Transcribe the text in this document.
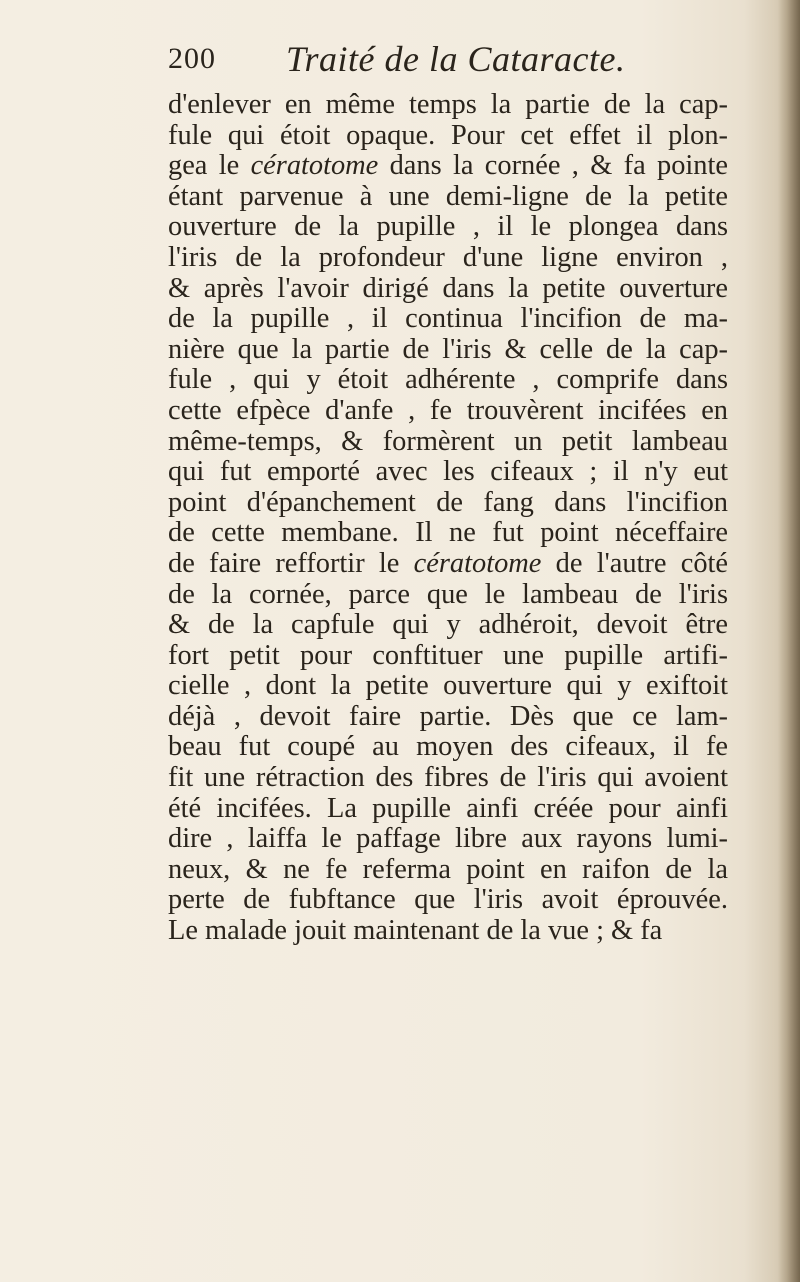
200 Traité de la Cataracte.
d'enlever en même temps la partie de la cap-
fule qui étoit opaque. Pour cet effet il plon-
gea le cératotome dans la cornée , & fa pointe
étant parvenue à une demi-ligne de la petite
ouverture de la pupille , il le plongea dans
l'iris de la profondeur d'une ligne environ ,
& après l'avoir dirigé dans la petite ouverture
de la pupille , il continua l'incifion de ma-
nière que la partie de l'iris & celle de la cap-
fule , qui y étoit adhérente , comprife dans
cette efpèce d'anfe , fe trouvèrent incifées en
même-temps, & formèrent un petit lambeau
qui fut emporté avec les cifeaux ; il n'y eut
point d'épanchement de fang dans l'incifion
de cette membane. Il ne fut point néceffaire
de faire reffortir le cératotome de l'autre côté
de la cornée, parce que le lambeau de l'iris
& de la capfule qui y adhéroit, devoit être
fort petit pour conftituer une pupille artifi-
cielle , dont la petite ouverture qui y exiftoit
déjà , devoit faire partie. Dès que ce lam-
beau fut coupé au moyen des cifeaux, il fe
fit une rétraction des fibres de l'iris qui avoient
été incifées. La pupille ainfi créée pour ainfi
dire , laiffa le paffage libre aux rayons lumi-
neux, & ne fe referma point en raifon de la
perte de fubftance que l'iris avoit éprouvée.
Le malade jouit maintenant de la vue ; & fa
